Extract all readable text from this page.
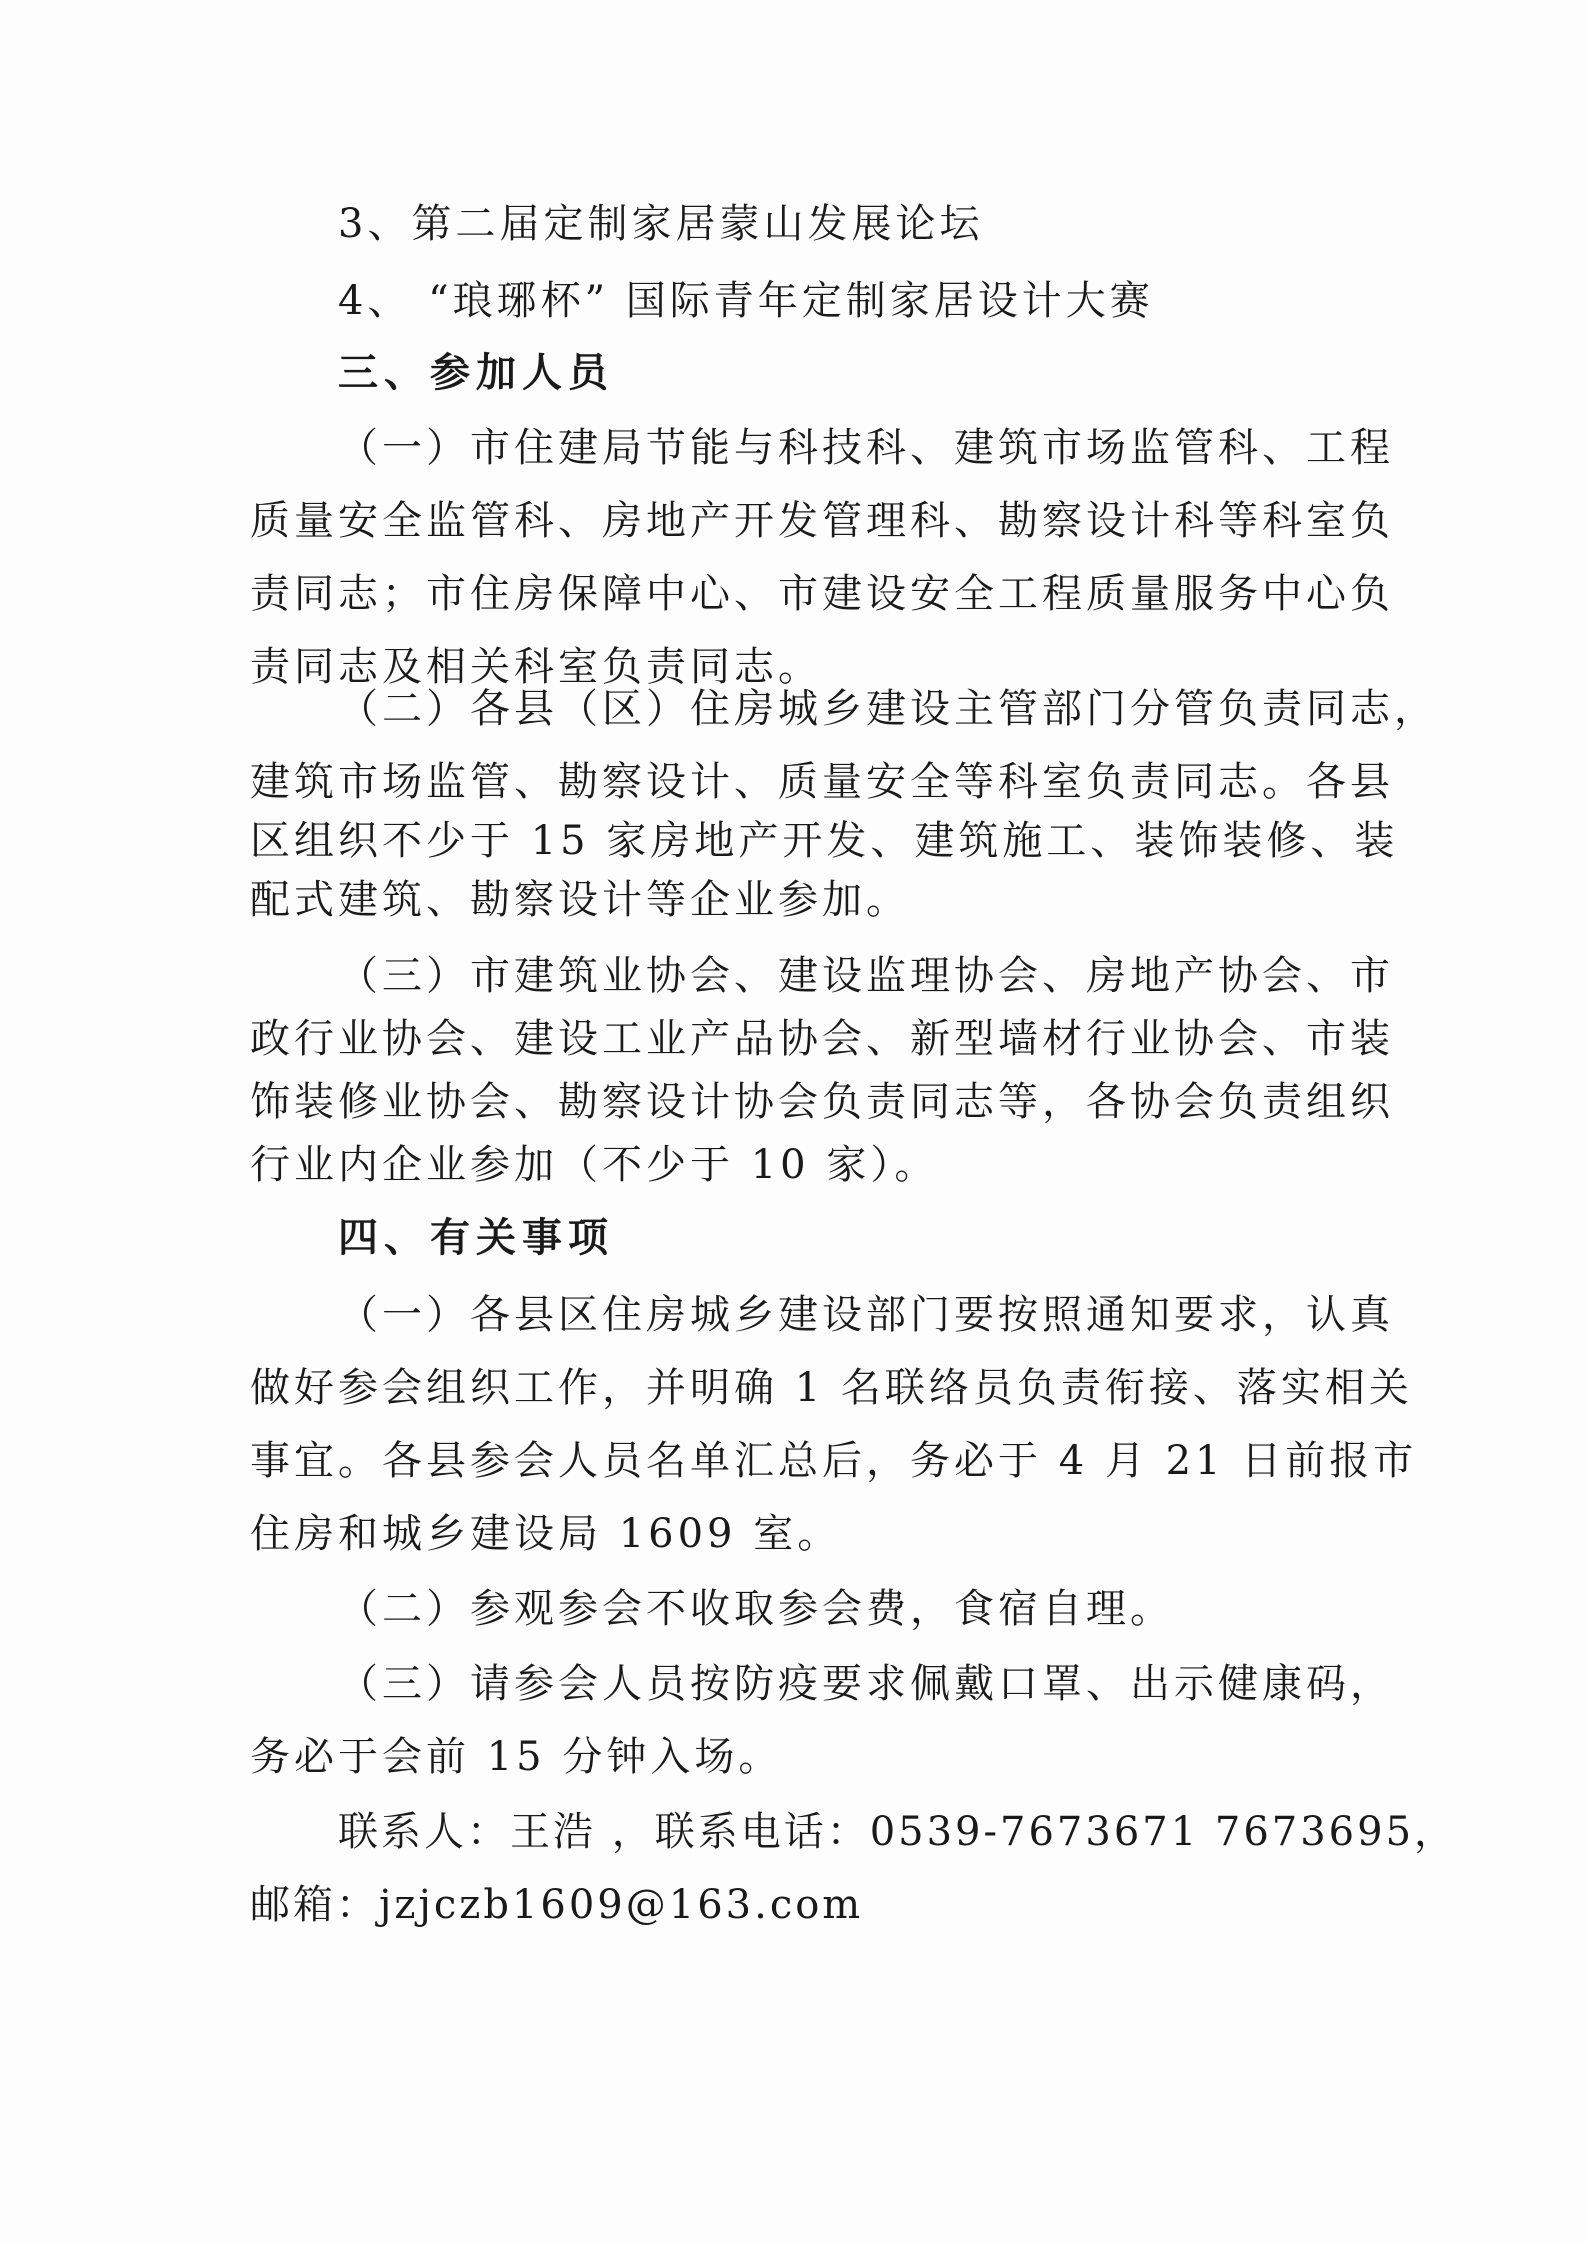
3、第二届定制家居蒙山发展论坛
4、 “琅琊杯” 国际青年定制家居设计大赛
三、参加人员
（一）市住建局节能与科技科、建筑市场监管科、工程
质量安全监管科、房地产开发管理科、勘察设计科等科室负
责同志；市住房保障中心、市建设安全工程质量服务中心负
责同志及相关科室负责同志。
（二）各县（区）住房城乡建设主管部门分管负责同志，
建筑市场监管、勘察设计、质量安全等科室负责同志。各县
区组织不少于 15 家房地产开发、建筑施工、装饰装修、装
配式建筑、勘察设计等企业参加。
（三）市建筑业协会、建设监理协会、房地产协会、市
政行业协会、建设工业产品协会、新型墙材行业协会、市装
饰装修业协会、勘察设计协会负责同志等，各协会负责组织
行业内企业参加（不少于 10 家）。
四、有关事项
（一）各县区住房城乡建设部门要按照通知要求，认真
做好参会组织工作，并明确 1 名联络员负责衔接、落实相关
事宜。各县参会人员名单汇总后，务必于 4 月 21 日前报市
住房和城乡建设局 1609 室。
（二）参观参会不收取参会费，食宿自理。
（三）请参会人员按防疫要求佩戴口罩、出示健康码，
务必于会前 15 分钟入场。
联系人：王浩 ，联系电话：0539-7673671 7673695，
邮箱：jzjczb1609@163.com
